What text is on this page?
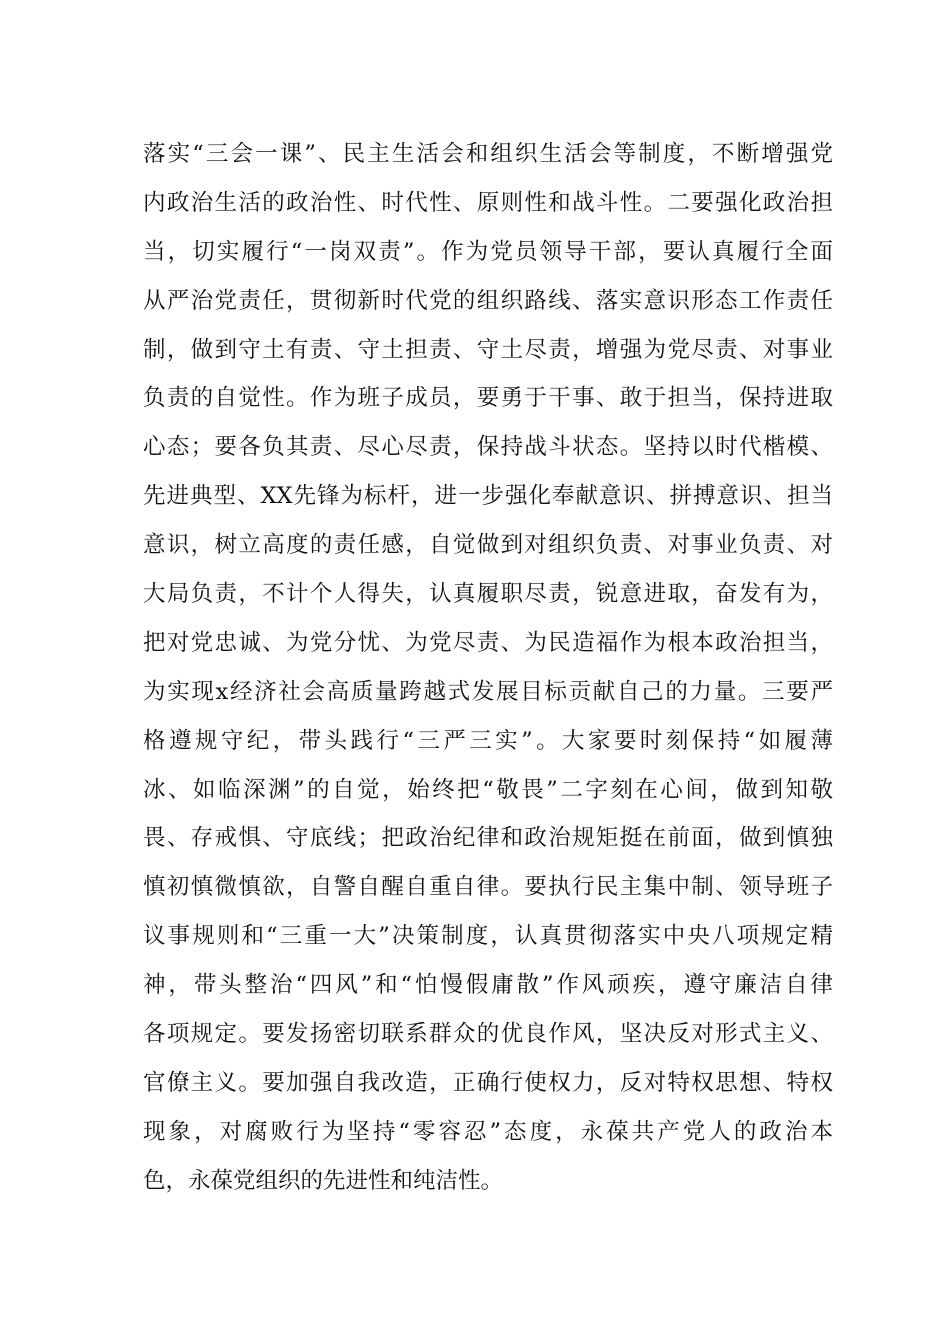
落实“三会一课”、民主生活会和组织生活会等制度，不断增强党
内政治生活的政治性、时代性、原则性和战斗性。二要强化政治担
当，切实履行“一岗双责”。作为党员领导干部，要认真履行全面
从严治党责任，贯彻新时代党的组织路线、落实意识形态工作责任
制，做到守土有责、守土担责、守土尽责，增强为党尽责、对事业
负责的自觉性。作为班子成员，要勇于干事、敢于担当，保持进取
心态；要各负其责、尽心尽责，保持战斗状态。坚持以时代楷模、
先进典型、XX先锋为标杆，进一步强化奉献意识、拼搏意识、担当
意识，树立高度的责任感，自觉做到对组织负责、对事业负责、对
大局负责，不计个人得失，认真履职尽责，锐意进取，奋发有为，
把对党忠诚、为党分忧、为党尽责、为民造福作为根本政治担当，
为实现x经济社会高质量跨越式发展目标贡献自己的力量。三要严
格遵规守纪，带头践行“三严三实”。大家要时刻保持“如履薄
冰、如临深渊”的自觉，始终把“敬畏”二字刻在心间，做到知敬
畏、存戒惧、守底线；把政治纪律和政治规矩挺在前面，做到慎独
慎初慎微慎欲，自警自醒自重自律。要执行民主集中制、领导班子
议事规则和“三重一大”决策制度，认真贯彻落实中央八项规定精
神，带头整治“四风”和“怕慢假庸散”作风顽疾，遵守廉洁自律
各项规定。要发扬密切联系群众的优良作风，坚决反对形式主义、
官僚主义。要加强自我改造，正确行使权力，反对特权思想、特权
现象，对腐败行为坚持“零容忍”态度，永葆共产党人的政治本
色，永葆党组织的先进性和纯洁性。
